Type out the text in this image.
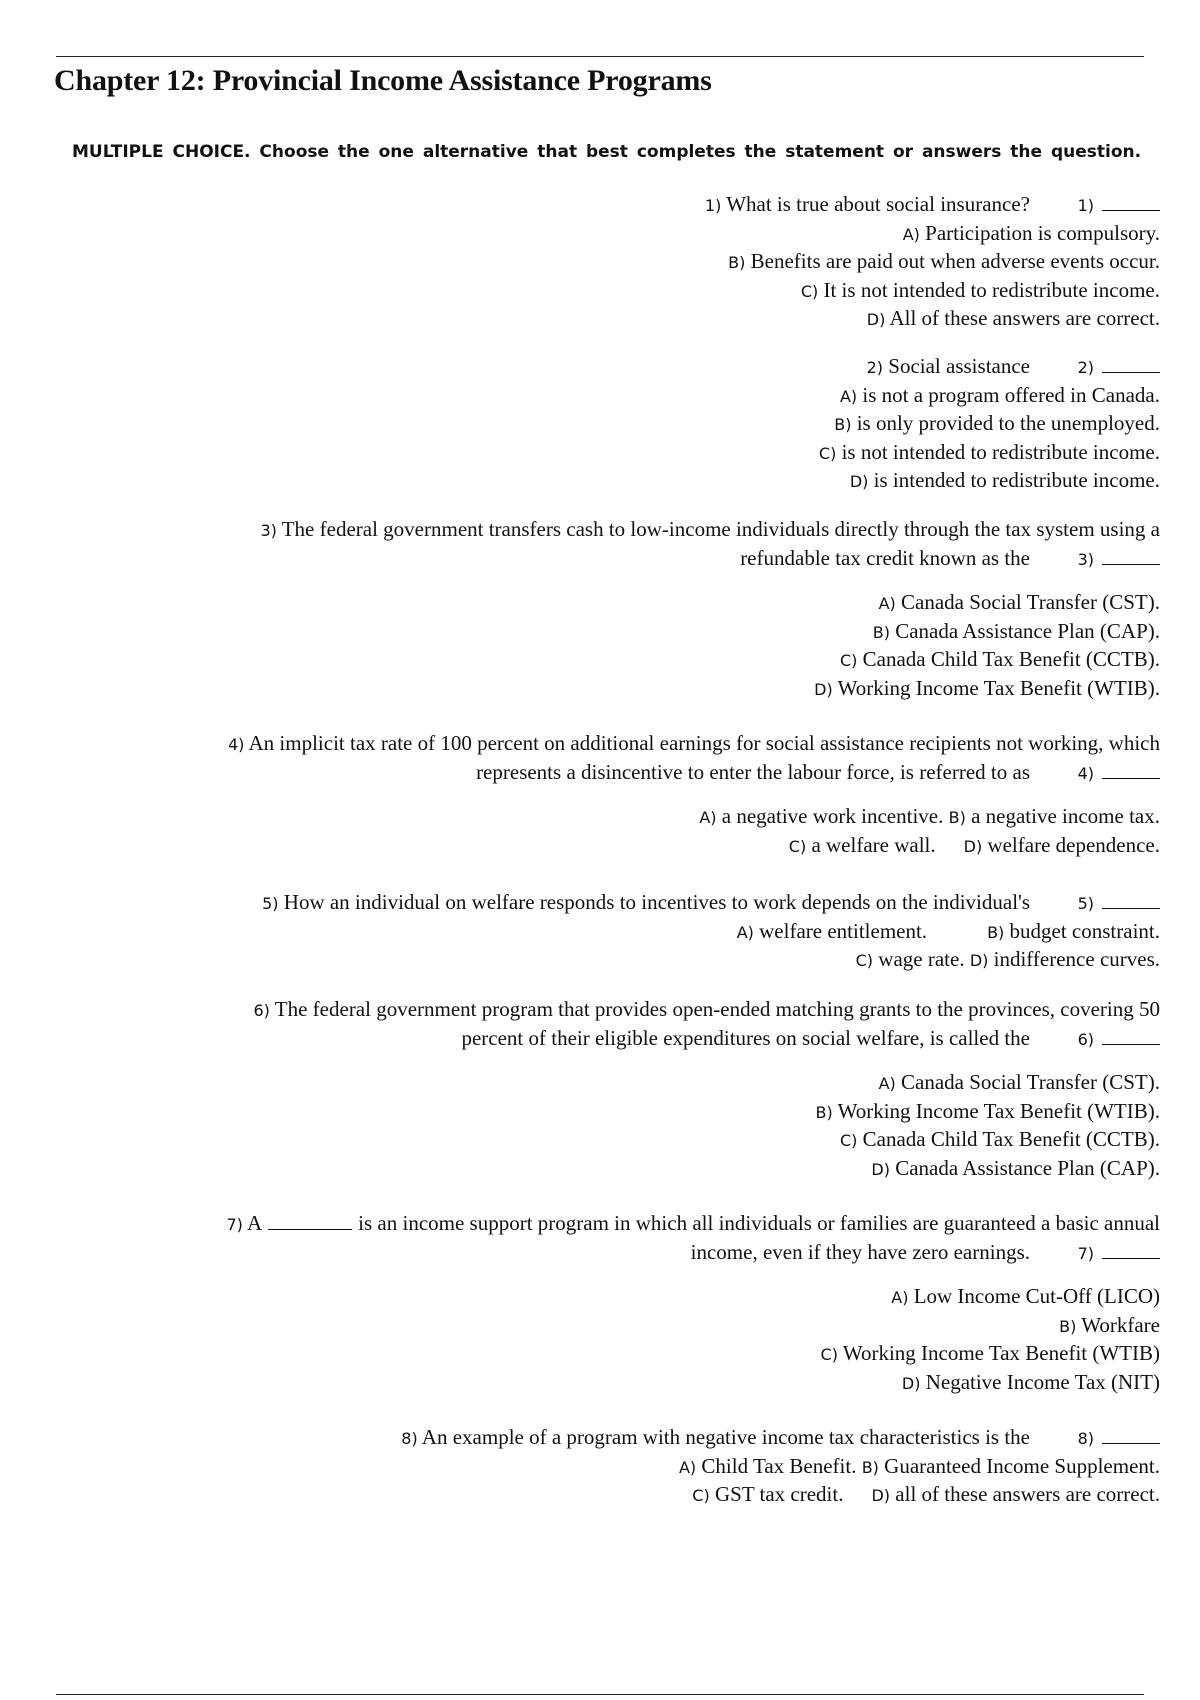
Chapter 12: Provincial Income Assistance Programs
MULTIPLE CHOICE. Choose the one alternative that best completes the statement or answers the question.
1) What is true about social insurance?	1)
A) Participation is compulsory.
B) Benefits are paid out when adverse events occur.
C) It is not intended to redistribute income.
D) All of these answers are correct.
2) Social assistance	2)
A) is not a program offered in Canada.
B) is only provided to the unemployed.
C) is not intended to redistribute income.
D) is intended to redistribute income.
3) The federal government transfers cash to low-income individuals directly through the tax system using a
refundable tax credit known as the	3)
A) Canada Social Transfer (CST).
B) Canada Assistance Plan (CAP).
C) Canada Child Tax Benefit (CCTB).
D) Working Income Tax Benefit (WTIB).
4) An implicit tax rate of 100 percent on additional earnings for social assistance recipients not working, which
represents a disincentive to enter the labour force, is referred to as	4)
A) a negative work incentive. B) a negative income tax.
C) a welfare wall. D) welfare dependence.
5) How an individual on welfare responds to incentives to work depends on the individual's	5)
A) welfare entitlement.	B) budget constraint.
C) wage rate. D) indifference curves.
6) The federal government program that provides open-ended matching grants to the provinces, covering 50
percent of their eligible expenditures on social welfare, is called the	6)
A) Canada Social Transfer (CST).
B) Working Income Tax Benefit (WTIB).
C) Canada Child Tax Benefit (CCTB).
D) Canada Assistance Plan (CAP).
7) A	is an income support program in which all individuals or families are guaranteed a basic annual
income, even if they have zero earnings.	7)
A) Low Income Cut-Off (LICO)
B) Workfare
C) Working Income Tax Benefit (WTIB)
D) Negative Income Tax (NIT)
8) An example of a program with negative income tax characteristics is the	8)
A) Child Tax Benefit. B) Guaranteed Income Supplement.
C) GST tax credit. D) all of these answers are correct.
